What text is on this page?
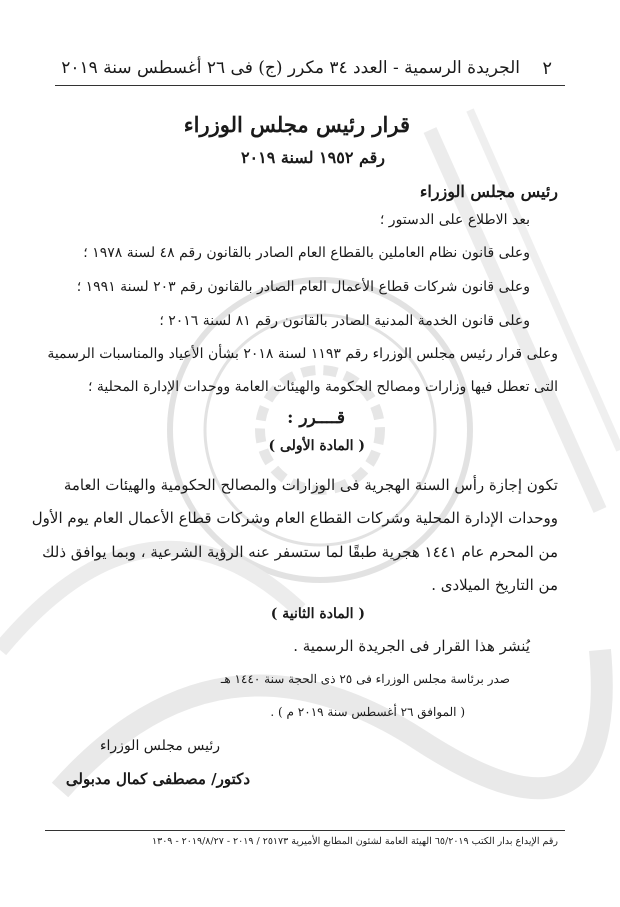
٢
الجريدة الرسمية - العدد ٣٤ مكرر (ج) فى ٢٦ أغسطس سنة ٢٠١٩
قرار رئيس مجلس الوزراء
رقم ١٩٥٢ لسنة ٢٠١٩
رئيس مجلس الوزراء
بعد الاطلاع على الدستور ؛
وعلى قانون نظام العاملين بالقطاع العام الصادر بالقانون رقم ٤٨ لسنة ١٩٧٨ ؛
وعلى قانون شركات قطاع الأعمال العام الصادر بالقانون رقم ٢٠٣ لسنة ١٩٩١ ؛
وعلى قانون الخدمة المدنية الصادر بالقانون رقم ٨١ لسنة ٢٠١٦ ؛
وعلى قرار رئيس مجلس الوزراء رقم ١١٩٣ لسنة ٢٠١٨ بشأن الأعياد والمناسبات الرسمية
التى تعطل فيها وزارات ومصالح الحكومة والهيئات العامة ووحدات الإدارة المحلية ؛
قــــرر :
( المادة الأولى )
تكون إجازة رأس السنة الهجرية فى الوزارات والمصالح الحكومية والهيئات العامة
ووحدات الإدارة المحلية وشركات القطاع العام وشركات قطاع الأعمال العام يوم الأول
من المحرم عام ١٤٤١ هجرية طبقًا لما ستسفر عنه الرؤية الشرعية ، وبما يوافق ذلك
من التاريخ الميلادى .
( المادة الثانية )
يُنشر هذا القرار فى الجريدة الرسمية .
صدر برئاسة مجلس الوزراء فى ٢٥ ذى الحجة سنة ١٤٤٠ هـ
( الموافق ٢٦ أغسطس سنة ٢٠١٩ م ) .
رئيس مجلس الوزراء
دكتور/ مصطفى كمال مدبولى
رقم الإيداع بدار الكتب ٦٥/٢٠١٩ الهيئة العامة لشئون المطابع الأميرية ٢٥١٧٣ / ٢٠١٩ - ٢٠١٩/٨/٢٧ - ١٣٠٩
